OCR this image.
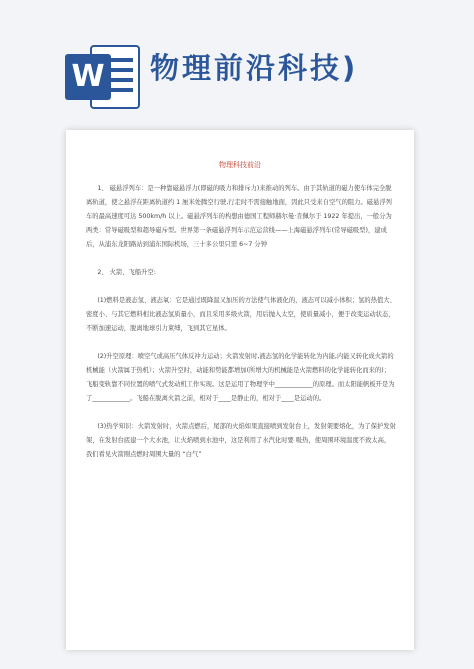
W 物理前沿科技)
物理科技前沿

1、 磁悬浮列车：是一种靠磁悬浮力(即磁的吸力和排斥力)来推动的列车。由于其轨道的磁力使车体完全脱离轨道，使之悬浮在距离轨道约 1 厘米处腾空行驶,行走时不需接触地面，因此只受来自空气的阻力。磁悬浮列车的最高速度可达 500km/h 以上。磁悬浮列车的构想由德国工程师赫尔曼·肯佩尔于 1922 年提出，一般分为两类：常导磁吸型和超导磁斥型。世界第一条磁悬浮列车示范运营线——上海磁悬浮列车(常导磁吸型)，建成后，从浦东龙阳路站到浦东国际机场，三十多公里只需 6~7 分钟

2、 火箭、飞船升空:

(1)燃料是液态氢、液态氧：它是通过既降温又加压的方法使气体液化的，液态可以减小体积；氢的热值大、密度小、与其它燃料相比液态氢质量小，而且采用多级火箭，用后抛入太空，使质量减小，便于改变运动状态，不断加速运动，脱离地球引力束缚，飞到其它星体。

(2)升空原理：喷空气或高压气体反冲力运动；火箭发射时,液态氢的化学能转化为内能,内能又转化成火箭的机械能（火箭属于热机）；火箭升空时，动能和势能都增加(所增大的机械能是火箭燃料的化学能转化而来的)；飞船变轨靠不同位置的喷气式发动机工作实现。这是运用了物理学中____________的原理。而太阳能帆板开是为了____________。飞船在脱离火箭之前，相对于____是静止的，相对于____是运动的。

(3)热学知识：火箭发射时，火箭点燃后，尾部的火焰如果直接喷到发射台上，发射架要熔化，为了保护发射架，在发射台底建一个大水池，让火焰喷到水池中，这是利用了水汽化时要 吸热，使周围环境温度不致太高，我们看见火箭刚点燃时周围大量的 “白气”
